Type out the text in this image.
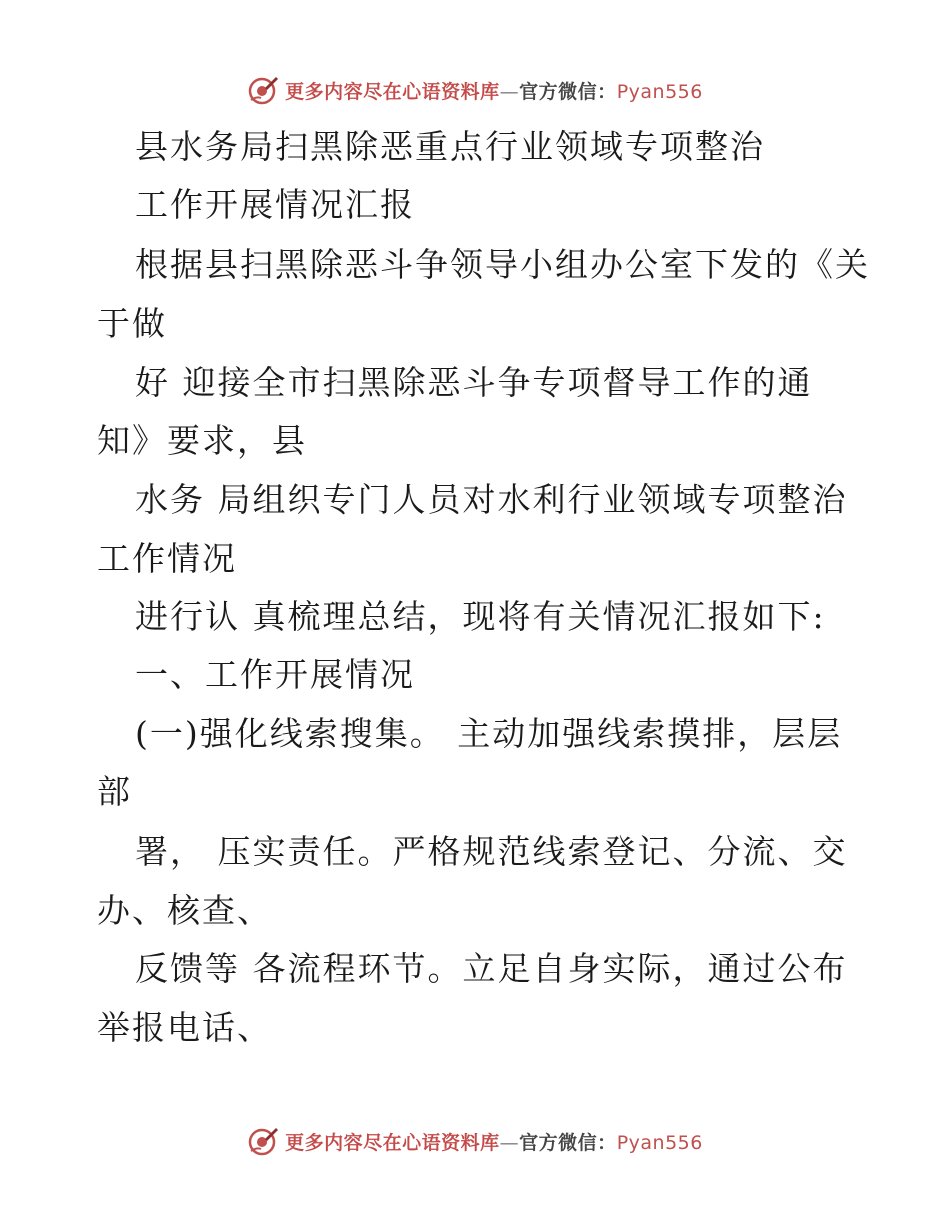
更多内容尽在心语资料库—官方微信：Pyan556
县水务局扫黑除恶重点行业领域专项整治
工作开展情况汇报
根据县扫黑除恶斗争领导小组办公室下发的《关
于做
好 迎接全市扫黑除恶斗争专项督导工作的通
知》要求，县
水务 局组织专门人员对水利行业领域专项整治
工作情况
进行认 真梳理总结，现将有关情况汇报如下:
一、工作开展情况
(一)强化线索搜集。 主动加强线索摸排，层层
部
署， 压实责任。严格规范线索登记、分流、交
办、核查、
反馈等 各流程环节。立足自身实际，通过公布
举报电话、
更多内容尽在心语资料库—官方微信：Pyan556
